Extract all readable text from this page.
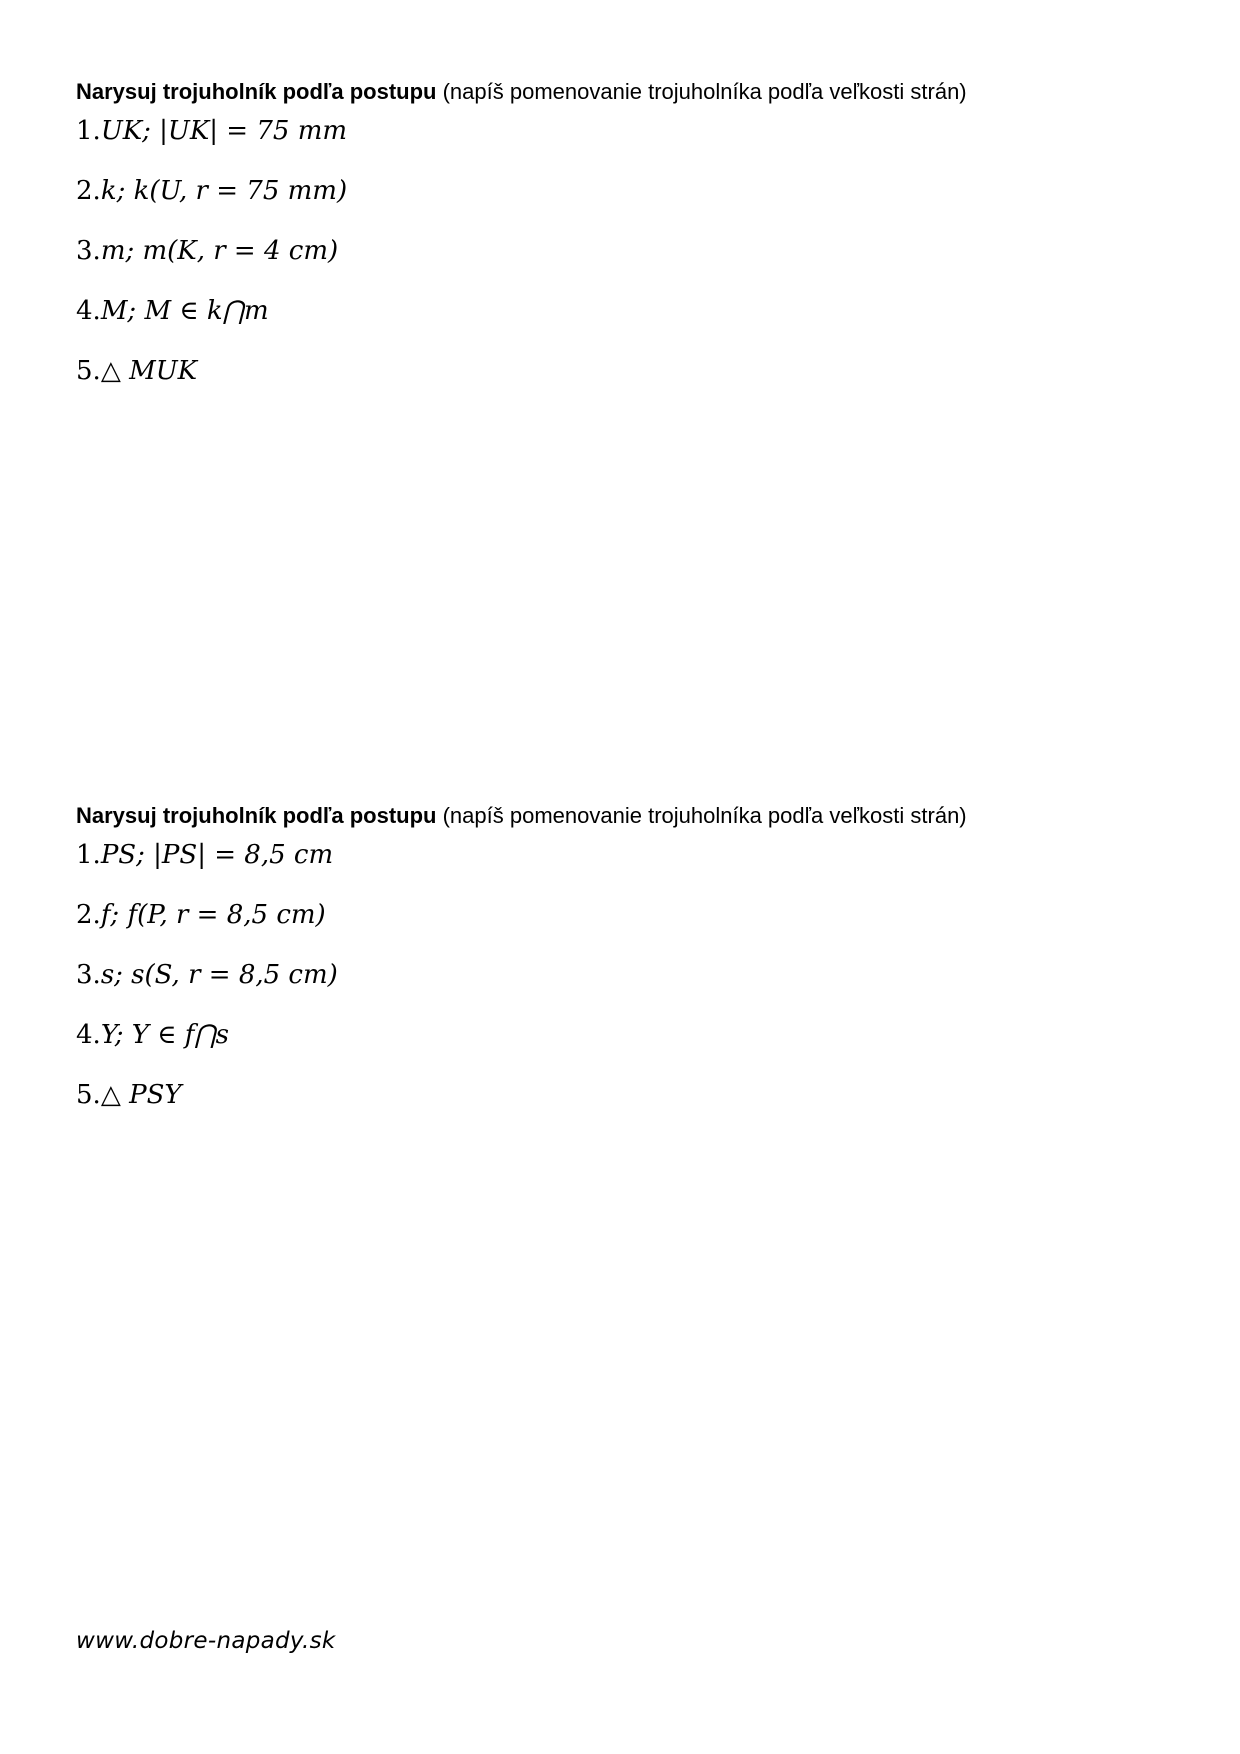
Narysuj trojuholník podľa postupu (napíš pomenovanie trojuholníka podľa veľkosti strán)
1.UK; |UK| = 75 mm
2.k; k(U, r = 75 mm)
3.m; m(K, r = 4 cm)
4.M; M ∈ k⋂m
5.△ MUK
Narysuj trojuholník podľa postupu (napíš pomenovanie trojuholníka podľa veľkosti strán)
1.PS; |PS| = 8,5 cm
2.f; f(P, r = 8,5 cm)
3.s; s(S, r = 8,5 cm)
4.Y; Y ∈ f⋂s
5.△ PSY
www.dobre-napady.sk
